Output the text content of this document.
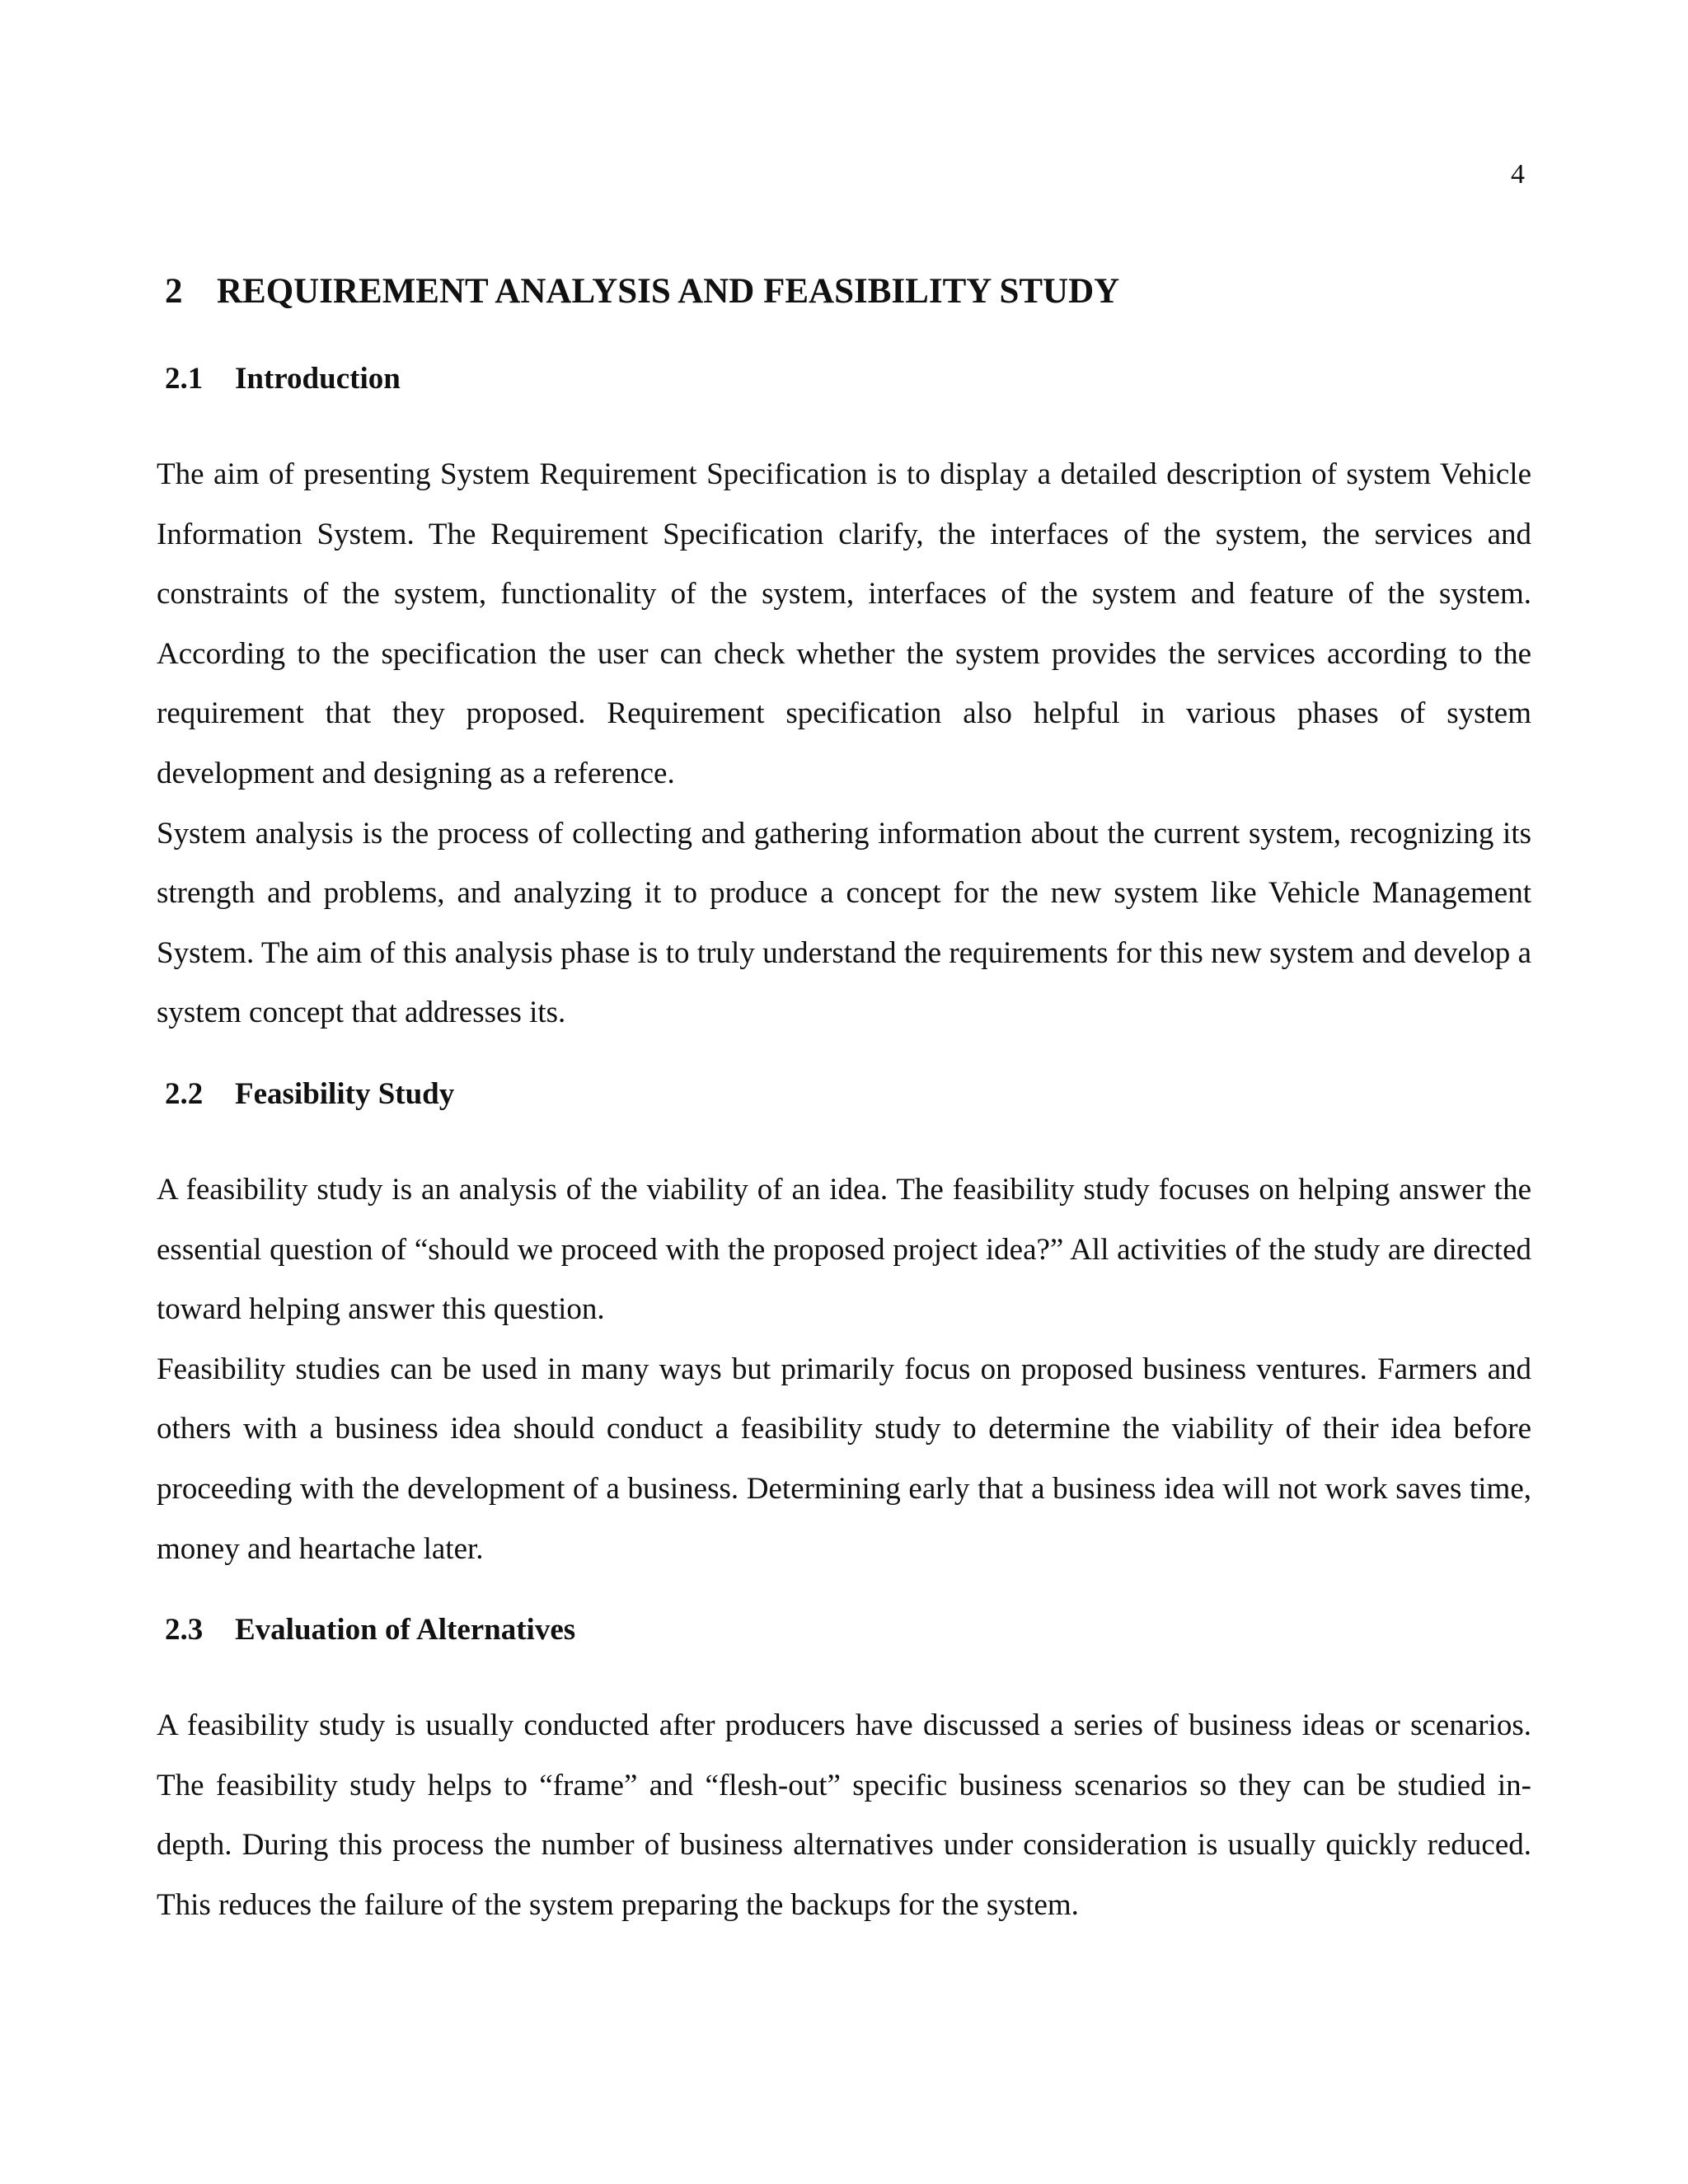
4
2 REQUIREMENT ANALYSIS AND FEASIBILITY STUDY
2.1 Introduction

The aim of presenting System Requirement Specification is to display a detailed description of system Vehicle Information System. The Requirement Specification clarify, the interfaces of the system, the services and constraints of the system, functionality of the system, interfaces of the system and feature of the system. According to the specification the user can check whether the system provides the services according to the requirement that they proposed. Requirement specification also helpful in various phases of system development and designing as a reference.

System analysis is the process of collecting and gathering information about the current system, recognizing its strength and problems, and analyzing it to produce a concept for the new system like Vehicle Management System. The aim of this analysis phase is to truly understand the requirements for this new system and develop a system concept that addresses its.

2.2 Feasibility Study

A feasibility study is an analysis of the viability of an idea. The feasibility study focuses on helping answer the essential question of “should we proceed with the proposed project idea?” All activities of the study are directed toward helping answer this question.

Feasibility studies can be used in many ways but primarily focus on proposed business ventures. Farmers and others with a business idea should conduct a feasibility study to determine the viability of their idea before proceeding with the development of a business. Determining early that a business idea will not work saves time, money and heartache later.

2.3 Evaluation of Alternatives

A feasibility study is usually conducted after producers have discussed a series of business ideas or scenarios. The feasibility study helps to “frame” and “flesh-out” specific business scenarios so they can be studied in-depth. During this process the number of business alternatives under consideration is usually quickly reduced. This reduces the failure of the system preparing the backups for the system.
